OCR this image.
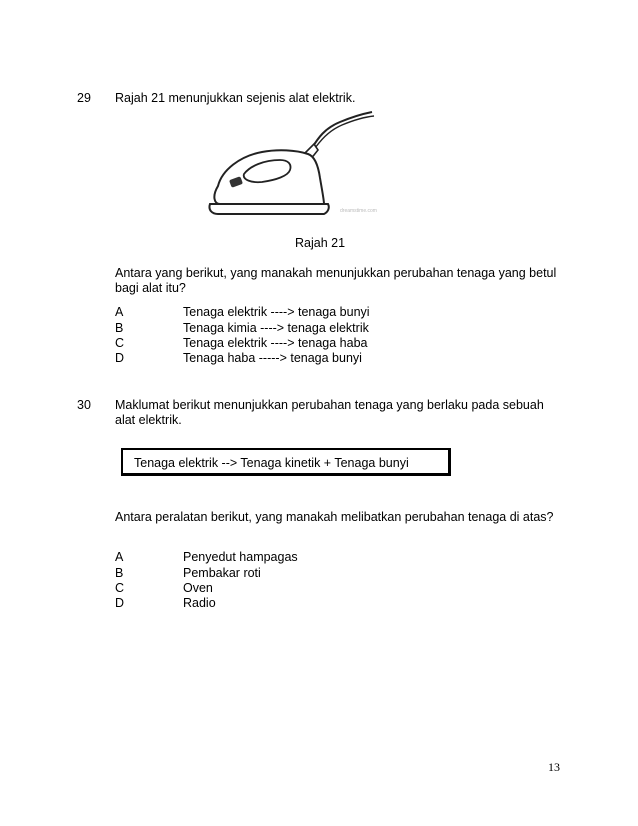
29 Rajah 21 menunjukkan sejenis alat elektrik.
dreamstime.com
Rajah 21
Antara yang berikut, yang manakah menunjukkan perubahan tenaga yang betul
bagi alat itu?
A	Tenaga elektrik ----> tenaga bunyi
B	Tenaga kimia ----> tenaga elektrik
C	Tenaga elektrik ----> tenaga haba
D	Tenaga haba -----> tenaga bunyi
30 Maklumat berikut menunjukkan perubahan tenaga yang berlaku pada sebuah
alat elektrik.
Tenaga elektrik --> Tenaga kinetik + Tenaga bunyi
Antara peralatan berikut, yang manakah melibatkan perubahan tenaga di atas?
A	Penyedut hampagas
B	Pembakar roti
C	Oven
D	Radio
13
